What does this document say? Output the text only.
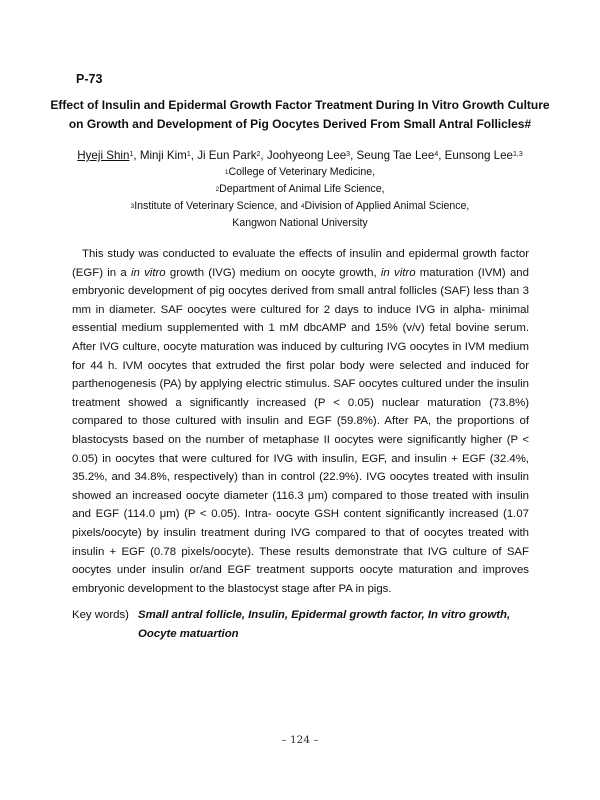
P-73
Effect of Insulin and Epidermal Growth Factor Treatment During In Vitro Growth Culture
on Growth and Development of Pig Oocytes Derived From Small Antral Follicles#
Hyeji Shin$^1$, Minji Kim$^1$, Ji Eun Park$^2$, Joohyeong Lee$^3$, Seung Tae Lee$^4$, Eunsong Lee$^{1,3}$
$^1$College of Veterinary Medicine,
$^2$Department of Animal Life Science,
$^3$Institute of Veterinary Science, and $^4$Division of Applied Animal Science,
Kangwon National University
This study was conducted to evaluate the effects of insulin and epidermal growth factor (EGF) in a in vitro growth (IVG) medium on oocyte growth, in vitro maturation (IVM) and embryonic development of pig oocytes derived from small antral follicles (SAF) less than 3 mm in diameter. SAF oocytes were cultured for 2 days to induce IVG in alpha- minimal essential medium supplemented with 1 mM dbcAMP and 15% (v/v) fetal bovine serum. After IVG culture, oocyte maturation was induced by culturing IVG oocytes in IVM medium for 44 h. IVM oocytes that extruded the first polar body were selected and induced for parthenogenesis (PA) by applying electric stimulus. SAF oocytes cultured under the insulin treatment showed a significantly increased (P < 0.05) nuclear maturation (73.8%) compared to those cultured with insulin and EGF (59.8%). After PA, the proportions of blastocysts based on the number of metaphase II oocytes were significantly higher (P < 0.05) in oocytes that were cultured for IVG with insulin, EGF, and insulin + EGF (32.4%, 35.2%, and 34.8%, respectively) than in control (22.9%). IVG oocytes treated with insulin showed an increased oocyte diameter (116.3 μm) compared to those treated with insulin and EGF (114.0 μm) (P < 0.05). Intra- oocyte GSH content significantly increased (1.07 pixels/oocyte) by insulin treatment during IVG compared to that of oocytes treated with insulin + EGF (0.78 pixels/oocyte). These results demonstrate that IVG culture of SAF oocytes under insulin or/and EGF treatment supports oocyte maturation and improves embryonic development to the blastocyst stage after PA in pigs.
Key words) Small antral follicle, Insulin, Epidermal growth factor, In vitro growth, Oocyte matuartion
– 124 –
